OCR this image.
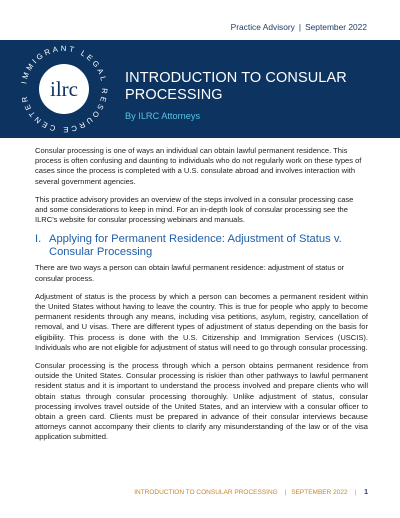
Practice Advisory | September 2022
IMMIGRANT LEGAL RESOURCE CENTER ilrc	INTRODUCTION TO CONSULAR PROCESSING
By ILRC Attorneys

Consular processing is one of ways an individual can obtain lawful permanent residence. This process is often confusing and daunting to individuals who do not regularly work on these types of cases since the process is completed with a U.S. consulate abroad and involves interaction with several government agencies.

This practice advisory provides an overview of the steps involved in a consular processing case and some considerations to keep in mind. For an in-depth look of consular processing see the ILRC's website for consular processing webinars and manuals.

I. Applying for Permanent Residence: Adjustment of Status v. Consular Processing

There are two ways a person can obtain lawful permanent residence: adjustment of status or consular process.

Adjustment of status is the process by which a person can becomes a permanent resident within the United States without having to leave the country. This is true for people who apply to become permanent residents through any means, including visa petitions, asylum, registry, cancellation of removal, and U visas. There are different types of adjustment of status depending on the basis for eligibility. This process is done with the U.S. Citizenship and Immigration Services (USCIS). Individuals who are not eligible for adjustment of status will need to go through consular processing.

Consular processing is the process through which a person obtains permanent residence from outside the United States. Consular processing is riskier than other pathways to lawful permanent resident status and it is important to understand the process involved and prepare clients who will obtain status through consular processing thoroughly. Unlike adjustment of status, consular processing involves travel outside of the United States, and an interview with a consular officer to obtain a green card. Clients must be prepared in advance of their consular interviews because attorneys cannot accompany their clients to clarify any misunderstanding of the law or of the visa application submitted.

INTRODUCTION TO CONSULAR PROCESSING | SEPTEMBER 2022 | 1
